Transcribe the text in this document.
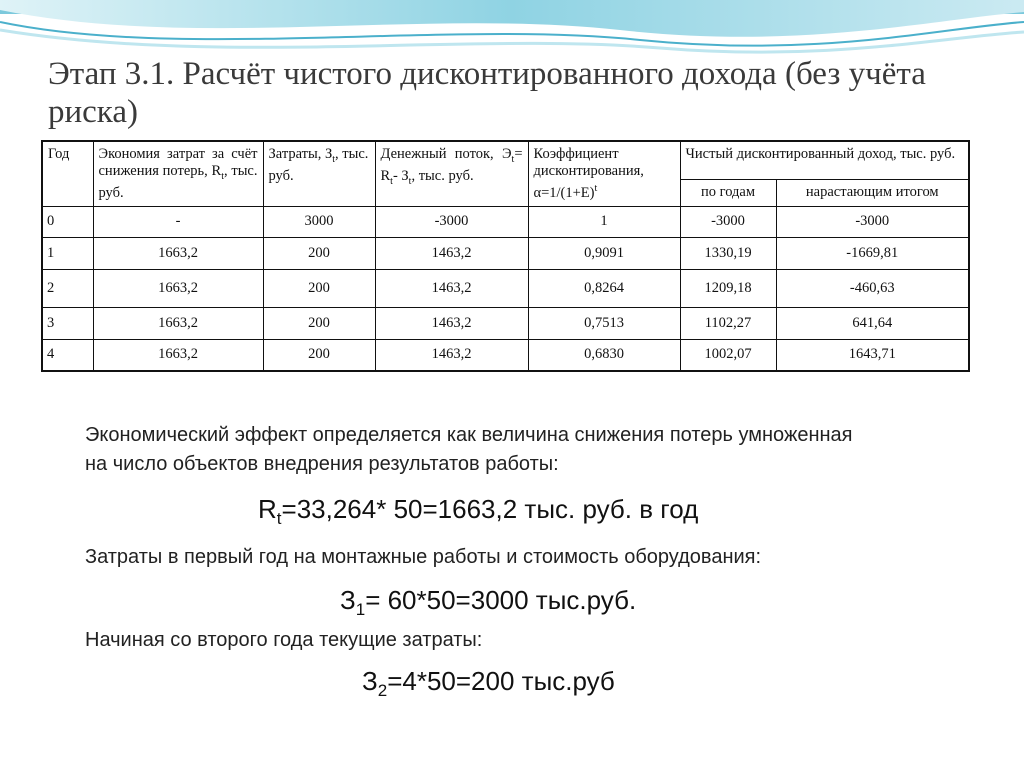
Этап 3.1. Расчёт чистого дисконтированного дохода (без учёта риска)
Год	Экономия затрат за счёт снижения потерь, $R_t$, тыс. руб.	Затраты, $З_t$, тыс. руб.	Денежный поток, $Э_t= R_t-$ $З_t$, тыс. руб.	Коэффициент дисконтирования, $\alpha=1/(1+Е)^t$	Чистый дисконтированный доход, тыс. руб.	
					по годам	нарастающим итогом
0	-	3000	-3000	1	-3000	-3000
1	1663,2	200	1463,2	0,9091	1330,19	-1669,81
2	1663,2	200	1463,2	0,8264	1209,18	-460,63
3	1663,2	200	1463,2	0,7513	1102,27	641,64
4	1663,2	200	1463,2	0,6830	1002,07	1643,71
Экономический эффект определяется как величина снижения потерь умноженная на число объектов внедрения результатов работы:
$R_t=33,264*$ 50=1663,2 тыс. руб. в год
Затраты в первый год на монтажные работы и стоимость оборудования:
$З_1= 60*50=3000$ тыс.руб.
Начиная со второго года текущие затраты:
$З_2=4*50=200$ тыс.руб
